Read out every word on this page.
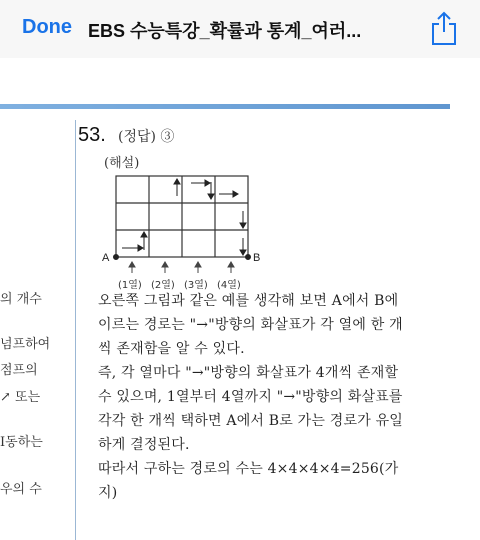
Done EBS 수능특강_확률과 통계_여러...
의 개수
넘프하여
점프의
↗ 또는
I동하는
우의 수
53. (정답) ③
(해설)
A	B
(1열) (2열) (3열) (4열)
오른쪽 그림과 같은 예를 생각해 보면 A에서 B에
이르는 경로는 "→"방향의 화살표가 각 열에 한 개
씩 존재함을 알 수 있다.
즉, 각 열마다 "→"방향의 화살표가 4개씩 존재할
수 있으며, 1열부터 4열까지 "→"방향의 화살표를
각각 한 개씩 택하면 A에서 B로 가는 경로가 유일
하게 결정된다.
따라서 구하는 경로의 수는 4×4×4×4=256(가
지)
